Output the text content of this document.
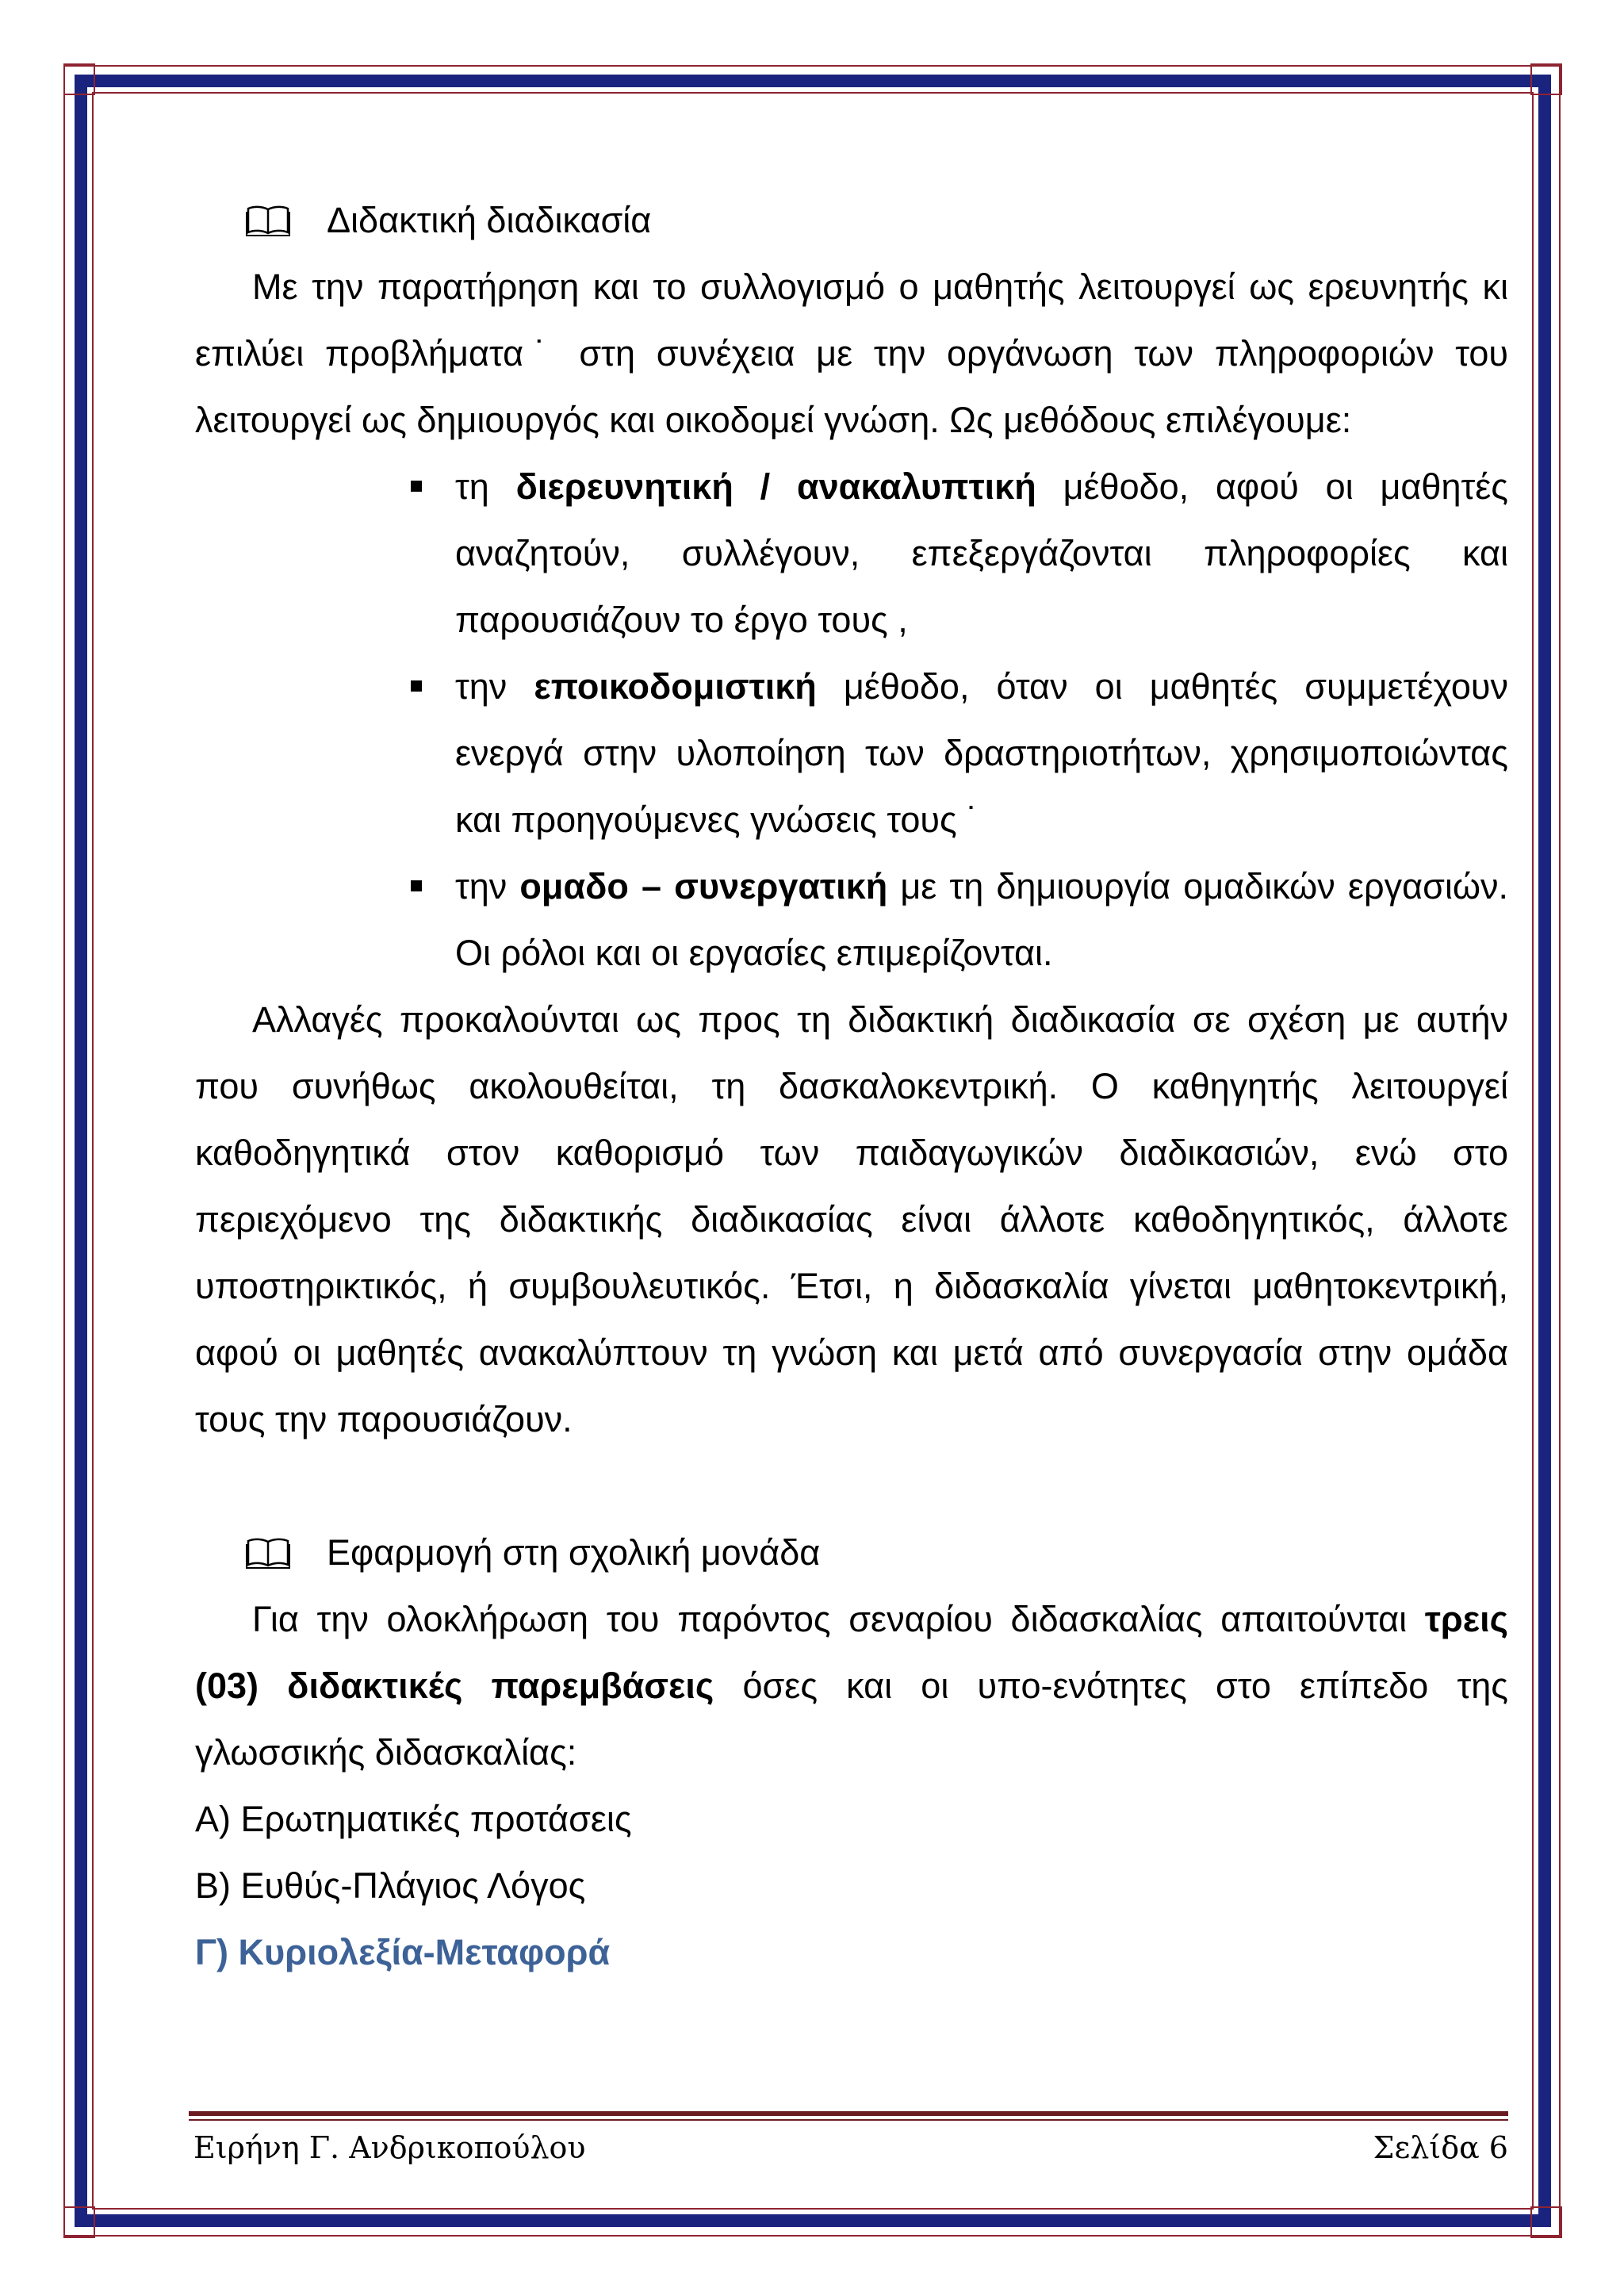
Διδακτική διαδικασία

Με την παρατήρηση και το συλλογισμό ο μαθητής λειτουργεί ως ερευνητής κι επιλύει προβλήματα˙ στη συνέχεια με την οργάνωση των πληροφοριών του λειτουργεί ως δημιουργός και οικοδομεί γνώση. Ως μεθόδους επιλέγουμε:

τη διερευνητική / ανακαλυπτική μέθοδο, αφού οι μαθητές αναζητούν, συλλέγουν, επεξεργάζονται πληροφορίες και παρουσιάζουν το έργο τους ,
την εποικοδομιστική μέθοδο, όταν οι μαθητές συμμετέχουν ενεργά στην υλοποίηση των δραστηριοτήτων, χρησιμοποιώντας και προηγούμενες γνώσεις τους ˙
την ομαδο – συνεργατική με τη δημιουργία ομαδικών εργασιών. Οι ρόλοι και οι εργασίες επιμερίζονται.

Αλλαγές προκαλούνται ως προς τη διδακτική διαδικασία σε σχέση με αυτήν που συνήθως ακολουθείται, τη δασκαλοκεντρική. Ο καθηγητής λειτουργεί καθοδηγητικά στον καθορισμό των παιδαγωγικών διαδικασιών, ενώ στο περιεχόμενο της διδακτικής διαδικασίας είναι άλλοτε καθοδηγητικός, άλλοτε υποστηρικτικός, ή συμβουλευτικός. Έτσι, η διδασκαλία γίνεται μαθητοκεντρική, αφού οι μαθητές ανακαλύπτουν τη γνώση και μετά από συνεργασία στην ομάδα τους την παρουσιάζουν.

Εφαρμογή στη σχολική μονάδα

Για την ολοκλήρωση του παρόντος σεναρίου διδασκαλίας απαιτούνται τρεις (03) διδακτικές παρεμβάσεις όσες και οι υπο-ενότητες στο επίπεδο της γλωσσικής διδασκαλίας:

Α) Ερωτηματικές προτάσεις

Β) Ευθύς-Πλάγιος Λόγος

Γ) Κυριολεξία-Μεταφορά

Ειρήνη Γ. Ανδρικοπούλου	Σελίδα 6
